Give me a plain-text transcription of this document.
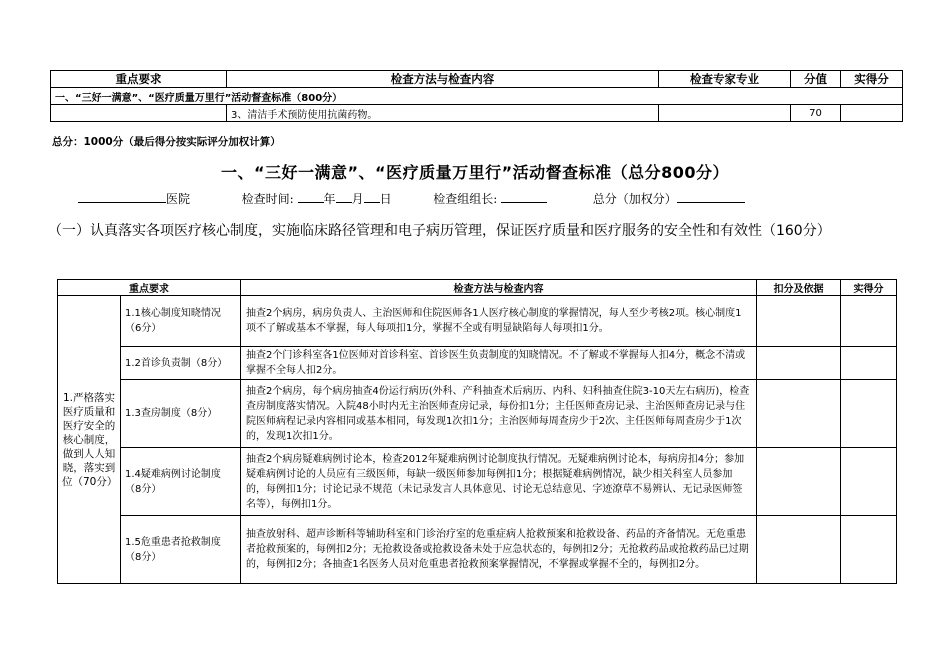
重点要求	检查方法与检查内容	检查专家专业	分值	实得分
一、“三好一满意”、“医疗质量万里行”活动督查标准（800分）				
	3、清洁手术预防使用抗菌药物。		70	
总分：1000分（最后得分按实际评分加权计算）
一、“三好一满意”、“医疗质量万里行”活动督查标准（总分800分）
医院	检查时间: 年 月 日	检查组组长:	总分（加权分）
（一）认真落实各项医疗核心制度，实施临床路径管理和电子病历管理，保证医疗质量和医疗服务的安全性和有效性（160分）
重点要求		检查方法与检查内容	扣分及依据	实得分
1.严格落实医疗质量和医疗安全的核心制度，做到人人知晓，落实到位（70分）	1.1核心制度知晓情况（6分）	抽查2个病房，病房负责人、主治医师和住院医师各1人医疗核心制度的掌握情况，每人至少考核2项。核心制度1项不了解或基本不掌握，每人每项扣1分，掌握不全或有明显缺陷每人每项扣1分。		
	1.2首诊负责制（8分）	抽查2个门诊科室各1位医师对首诊科室、首诊医生负责制度的知晓情况。不了解或不掌握每人扣4分，概念不清或掌握不全每人扣2分。		
	1.3查房制度（8分）	抽查2个病房，每个病房抽查4份运行病历(外科、产科抽查术后病历、内科、妇科抽查住院3-10天左右病历)，检查查房制度落实情况。入院48小时内无主治医师查房记录，每份扣1分；主任医师查房记录、主治医师查房记录与住院医师病程记录内容相同或基本相同，每发现1次扣1分；主治医师每周查房少于2次、主任医师每周查房少于1次的，发现1次扣1分。		
	1.4疑难病例讨论制度（8分）	抽查2个病房疑难病例讨论本，检查2012年疑难病例讨论制度执行情况。无疑难病例讨论本，每病房扣4分；参加疑难病例讨论的人员应有三级医师，每缺一级医师参加每例扣1分；根据疑难病例情况，缺少相关科室人员参加的，每例扣1分；讨论记录不规范（未记录发言人具体意见、讨论无总结意见、字迹潦草不易辨认、无记录医师签名等），每例扣1分。		
	1.5危重患者抢救制度（8分）	抽查放射科、超声诊断科等辅助科室和门诊治疗室的危重症病人抢救预案和抢救设备、药品的齐备情况。无危重患者抢救预案的，每例扣2分；无抢救设备或抢救设备未处于应急状态的，每例扣2分；无抢救药品或抢救药品已过期的，每例扣2分；各抽查1名医务人员对危重患者抢救预案掌握情况，不掌握或掌握不全的，每例扣2分。		
